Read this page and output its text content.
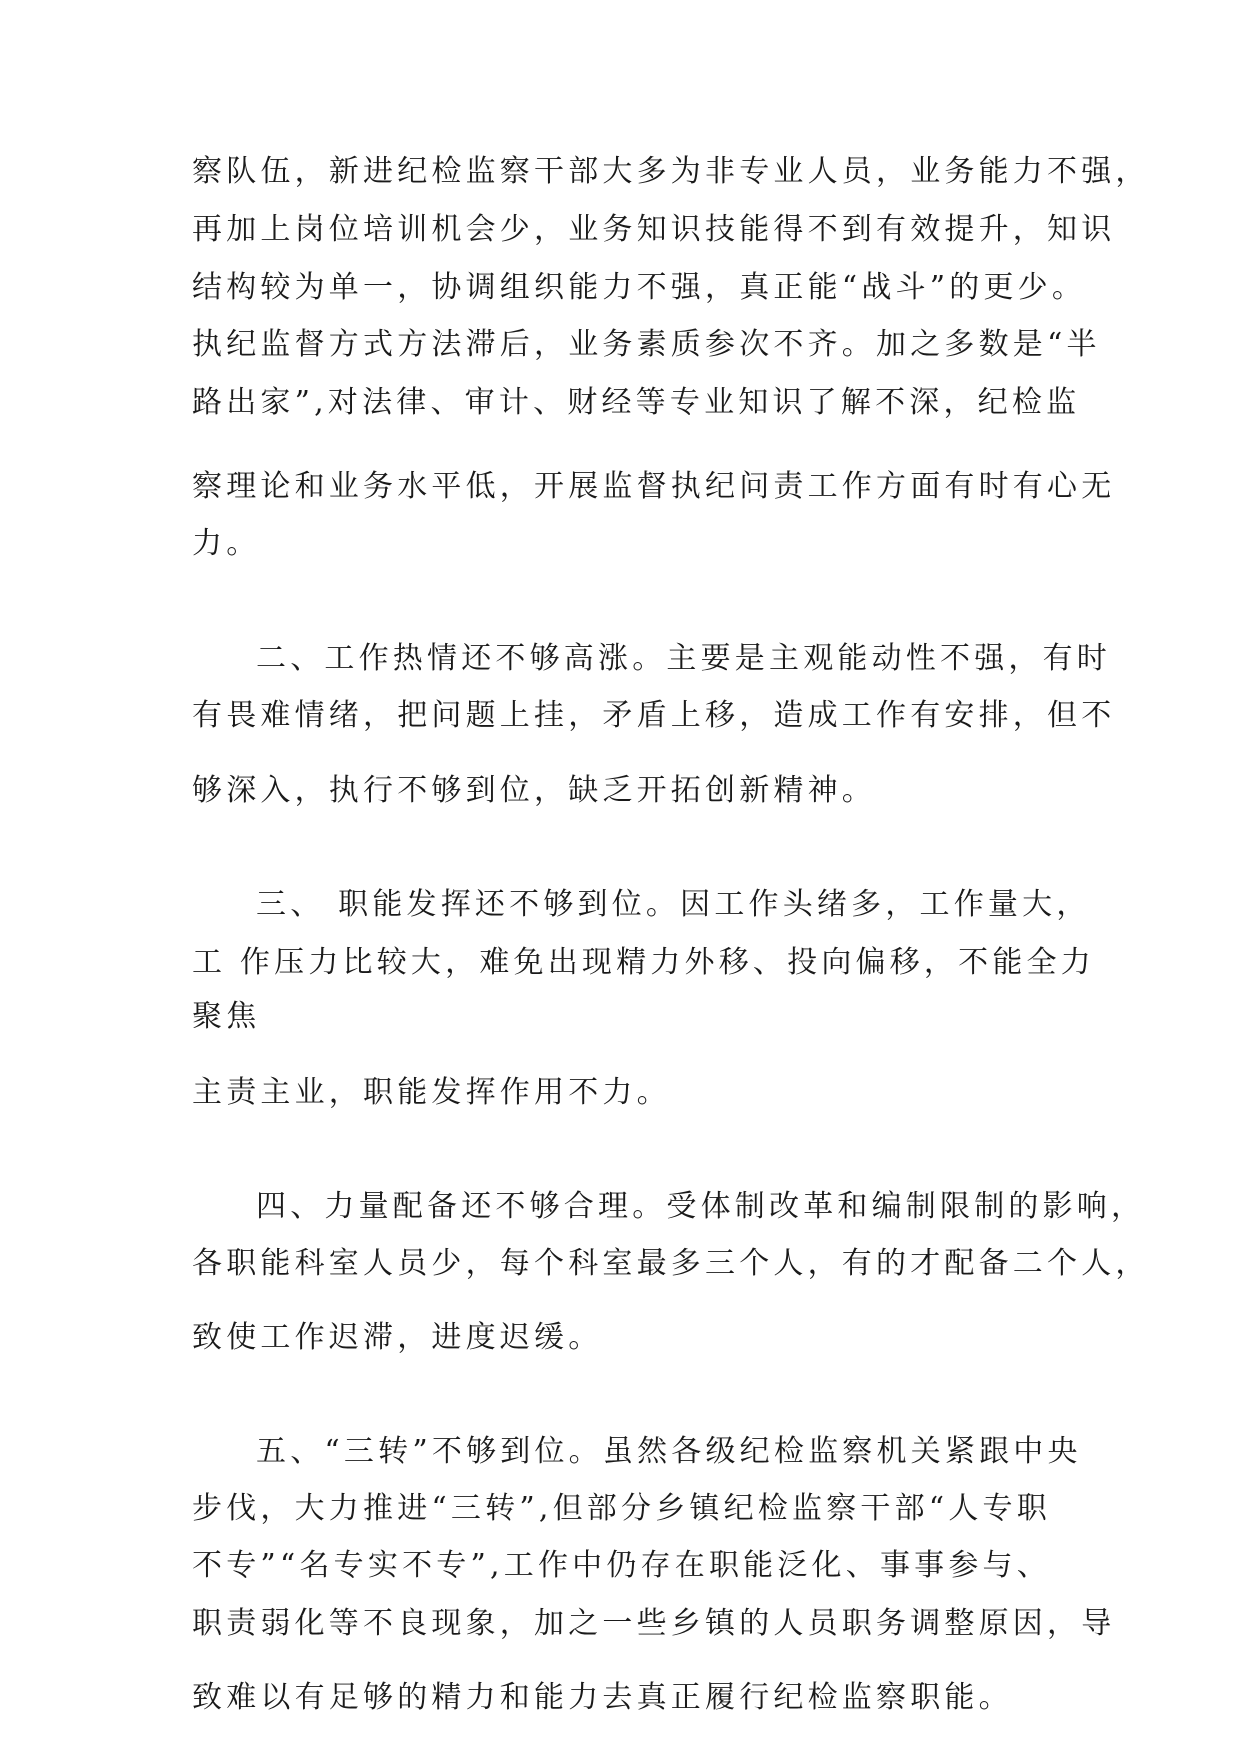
察队伍，新进纪检监察干部大多为非专业人员，业务能力不强，

再加上岗位培训机会少，业务知识技能得不到有效提升，知识

结构较为单一，协调组织能力不强，真正能“战斗”的更少。

执纪监督方式方法滞后，业务素质参次不齐。加之多数是“半

路出家”,对法律、审计、财经等专业知识了解不深，纪检监

察理论和业务水平低，开展监督执纪问责工作方面有时有心无

力。

二、工作热情还不够高涨。主要是主观能动性不强，有时

有畏难情绪，把问题上挂，矛盾上移，造成工作有安排，但不

够深入，执行不够到位，缺乏开拓创新精神。

三、 职能发挥还不够到位。因工作头绪多，工作量大，

工 作压力比较大，难免出现精力外移、投向偏移，不能全力

聚焦

主责主业，职能发挥作用不力。

四、力量配备还不够合理。受体制改革和编制限制的影响，

各职能科室人员少，每个科室最多三个人，有的才配备二个人，

致使工作迟滞，进度迟缓。

五、“三转”不够到位。虽然各级纪检监察机关紧跟中央

步伐，大力推进“三转”,但部分乡镇纪检监察干部“人专职

不专”“名专实不专”,工作中仍存在职能泛化、事事参与、

职责弱化等不良现象，加之一些乡镇的人员职务调整原因，导

致难以有足够的精力和能力去真正履行纪检监察职能。
